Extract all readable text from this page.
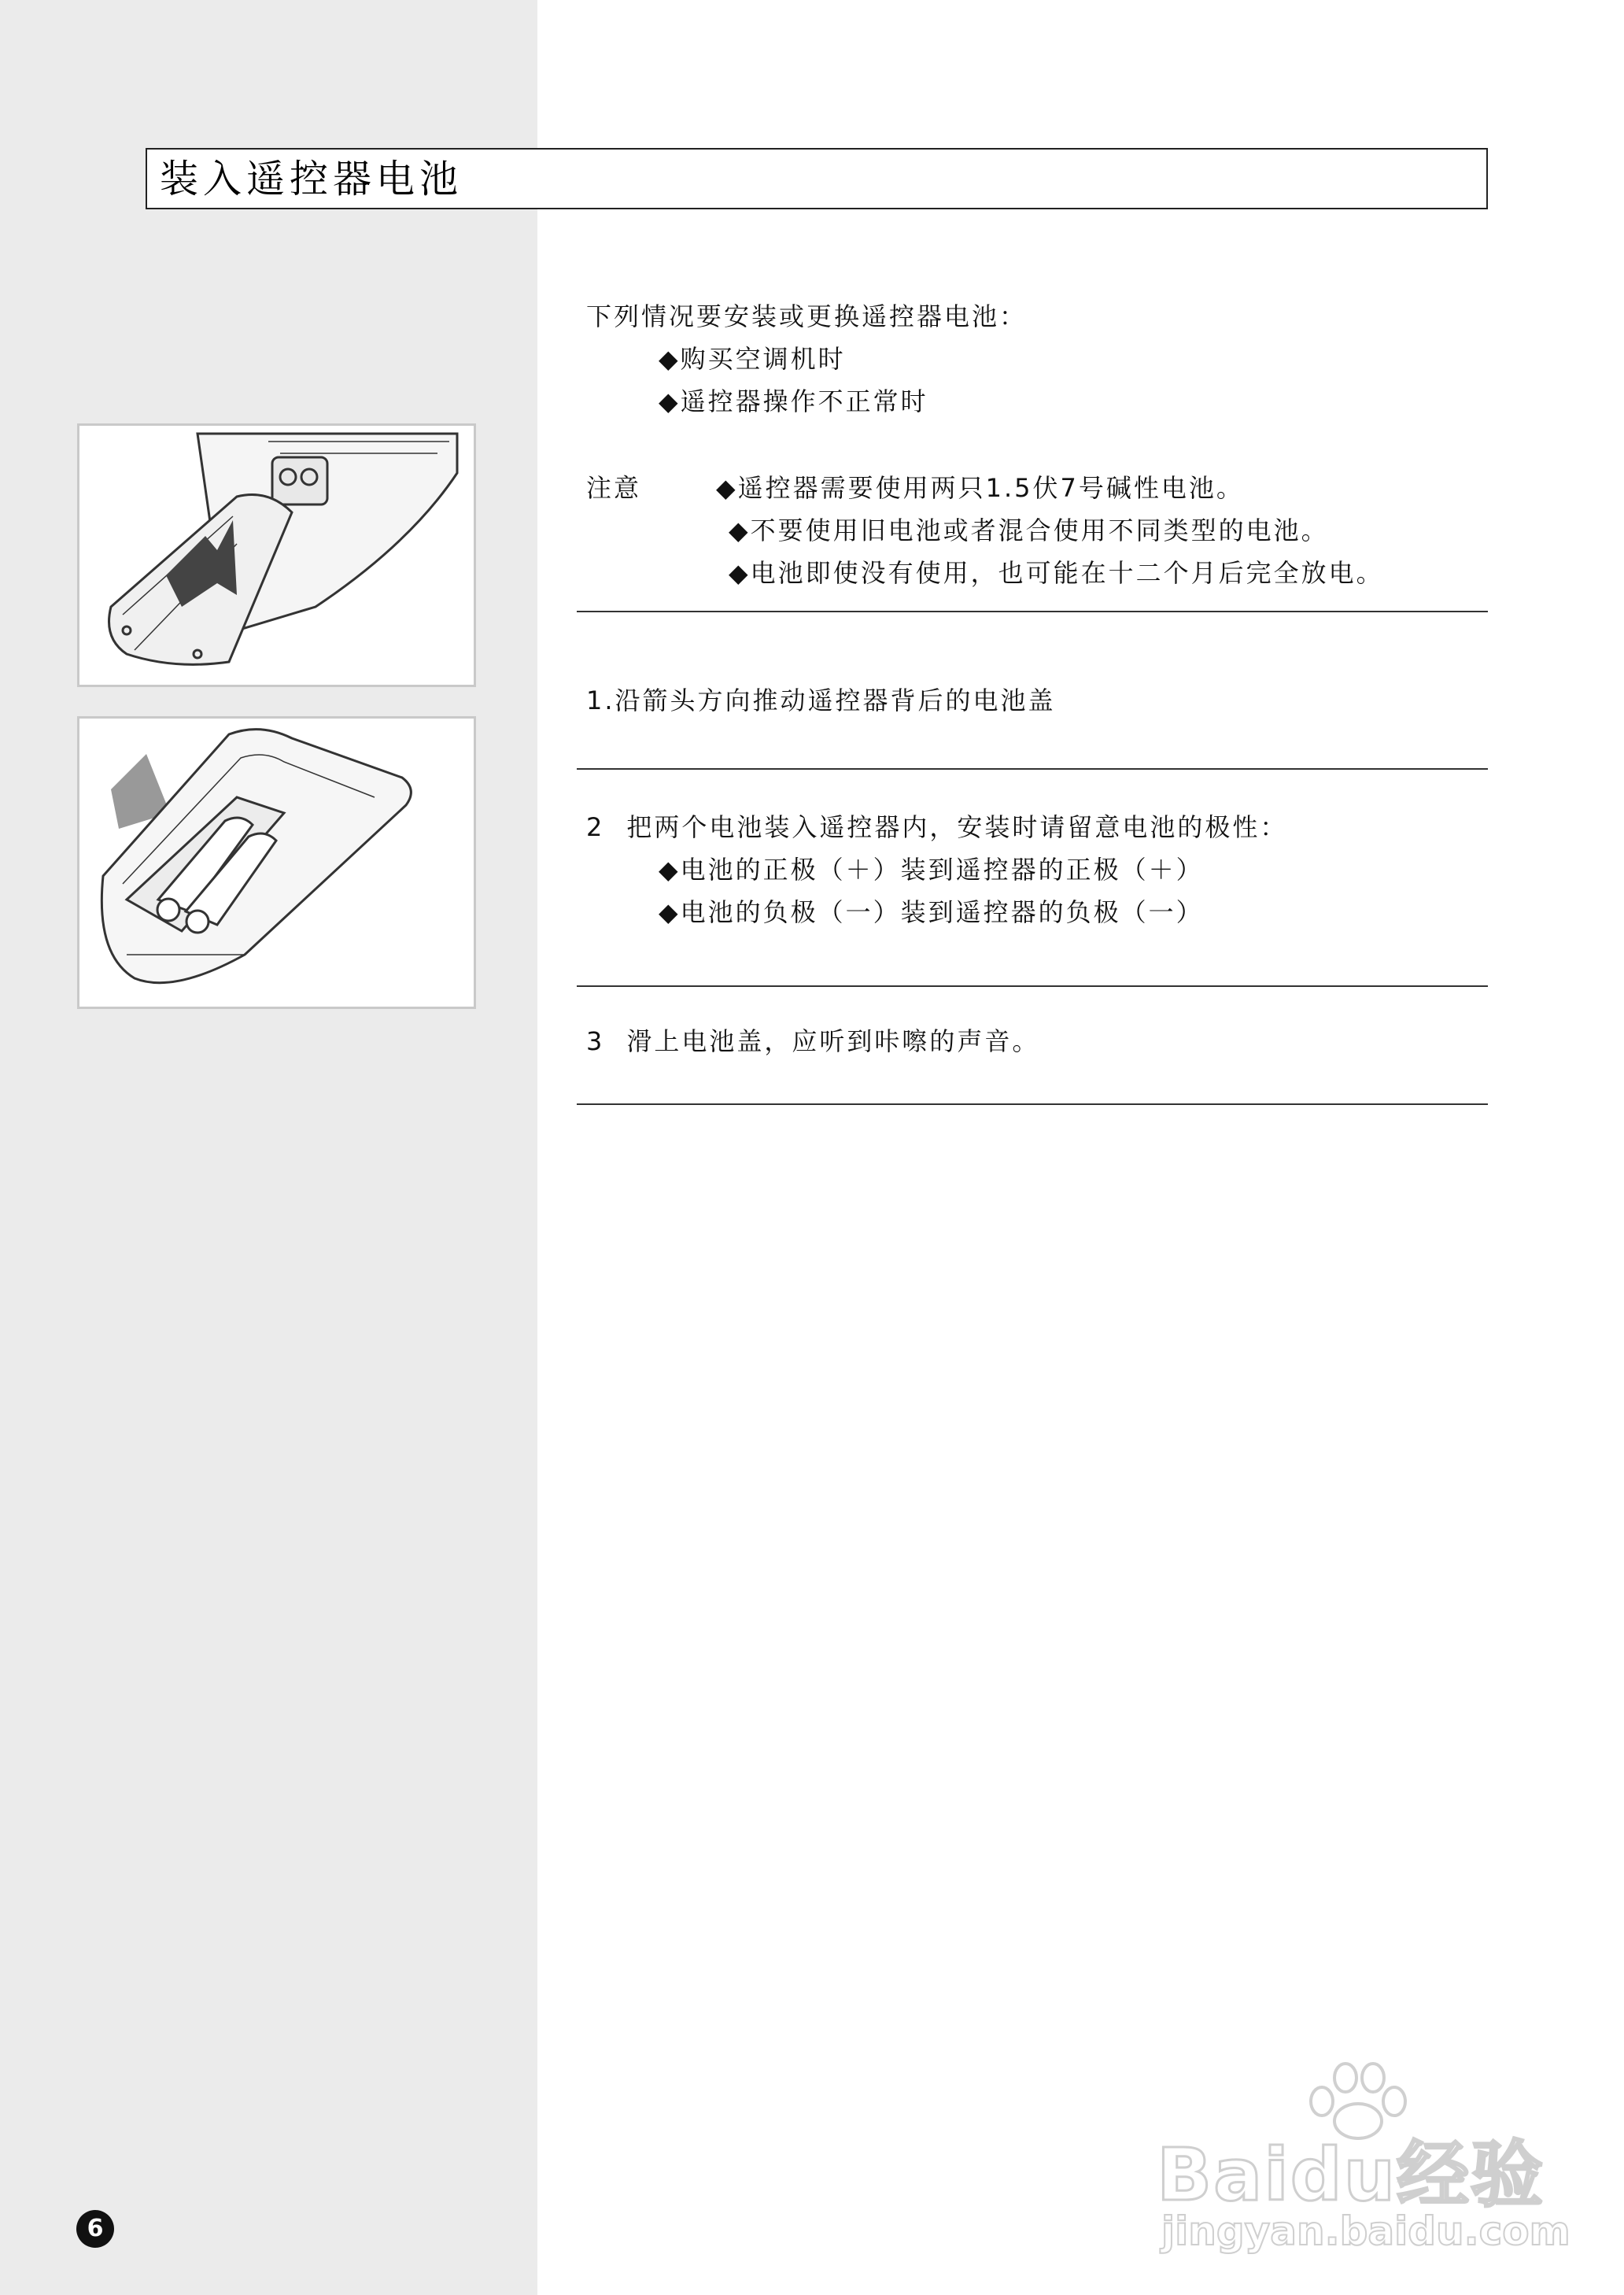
装入遥控器电池
下列情况要安装或更换遥控器电池：
◆购买空调机时
◆遥控器操作不正常时
注意	◆遥控器需要使用两只1.5伏7号碱性电池。
◆不要使用旧电池或者混合使用不同类型的电池。
◆电池即使没有使用，也可能在十二个月后完全放电。
1.沿箭头方向推动遥控器背后的电池盖
2 把两个电池装入遥控器内，安装时请留意电池的极性：
◆电池的正极（＋）装到遥控器的正极（＋）
◆电池的负极（一）装到遥控器的负极（一）
3 滑上电池盖，应听到咔嚓的声音。
6
Baidu经验
jingyan.baidu.com
